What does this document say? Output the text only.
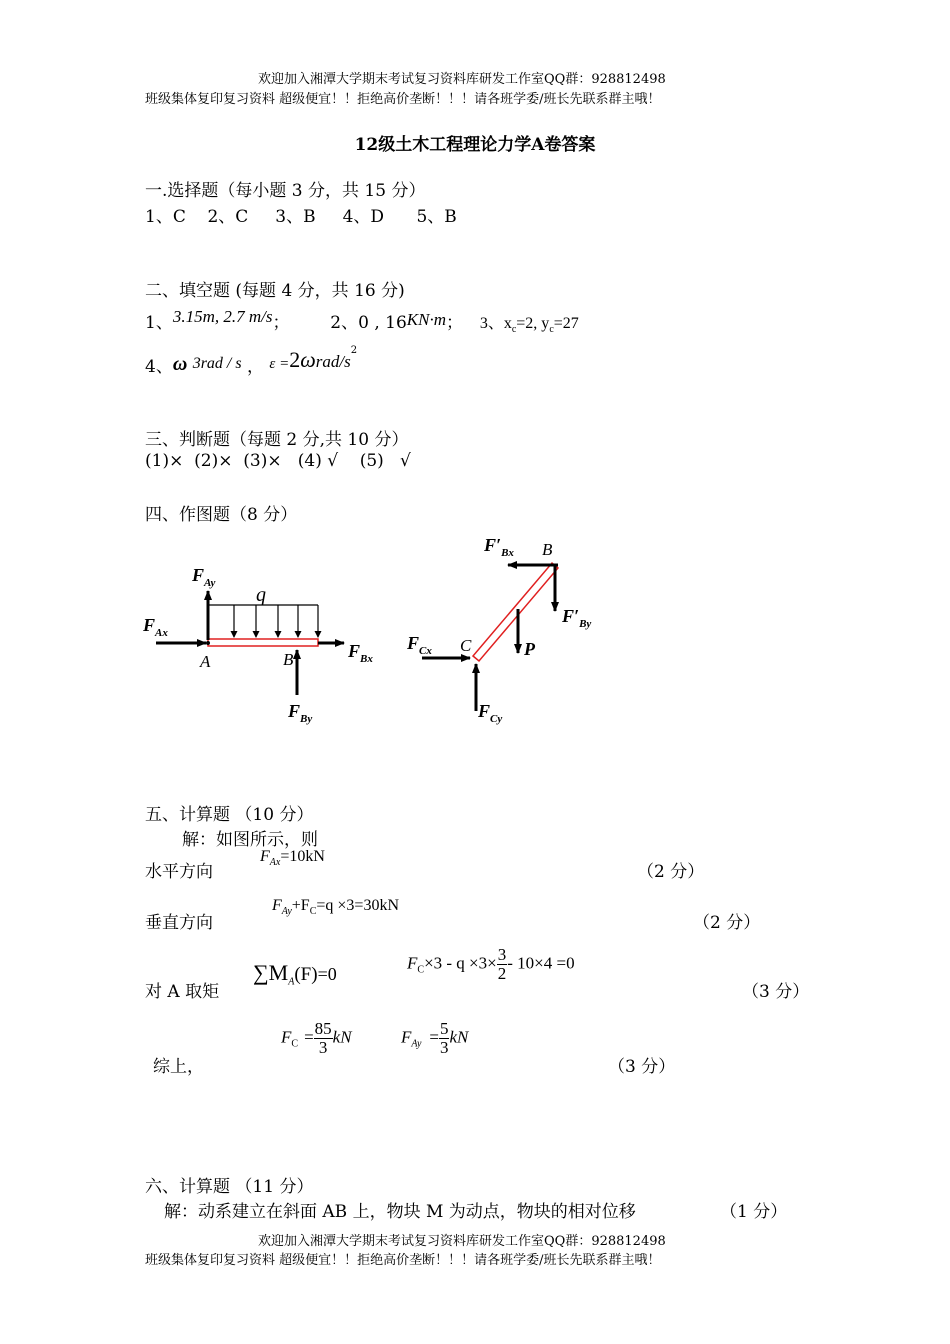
欢迎加入湘潭大学期末考试复习资料库研发工作室QQ群：928812498
班级集体复印复习资料 超级便宜！！拒绝高价垄断！！！请各班学委/班长先联系群主哦！
12级土木工程理论力学A卷答案
一.选择题（每小题 3 分，共 15 分）
1、C    2、C     3、B     4、D      5、B
二、填空题 (每题 4 分，共 16 分)
1、3.15m, 2.7 m/s； 2、0 , 16KN·m； 3、$x_c=2$, $y_c=27$
4、ω 3rad / s ， $\varepsilon =2\omega rad/s^2$
三、判断题（每题 2 分,共 10 分）
(1)×  (2)×  (3)×   (4) √    (5)   √
四、作图题（8 分）
q
A	B
$F_{Ay}$
$F_{Ax}$
$F_{Bx}$
$F_{By}$
B
C	P
$F'_{Bx}$
$F'_{By}$
$F_{Cx}$
$F_{Cy}$
五、计算题 （10 分）
解：如图所示，则
水平方向
$F_{Ax}=10kN$
（2 分）
垂直方向
$F_{Ay}+F_C=q \times 3=30kN$
（2 分）
对 A 取矩
$\sum M_A(F)=0$
$F_C\times 3 - q \times 3\times \frac{3}{2} - 10\times 4 =0$
（3 分）
综上，
$F_C = \frac{85}{3}$ kN	$F_{Ay} = \frac{5}{3}$ kN
（3 分）
六、计算题 （11 分）
解：动系建立在斜面 AB 上，物块 M 为动点，物块的相对位移	（1 分）
欢迎加入湘潭大学期末考试复习资料库研发工作室QQ群：928812498
班级集体复印复习资料 超级便宜！！拒绝高价垄断！！！请各班学委/班长先联系群主哦！
